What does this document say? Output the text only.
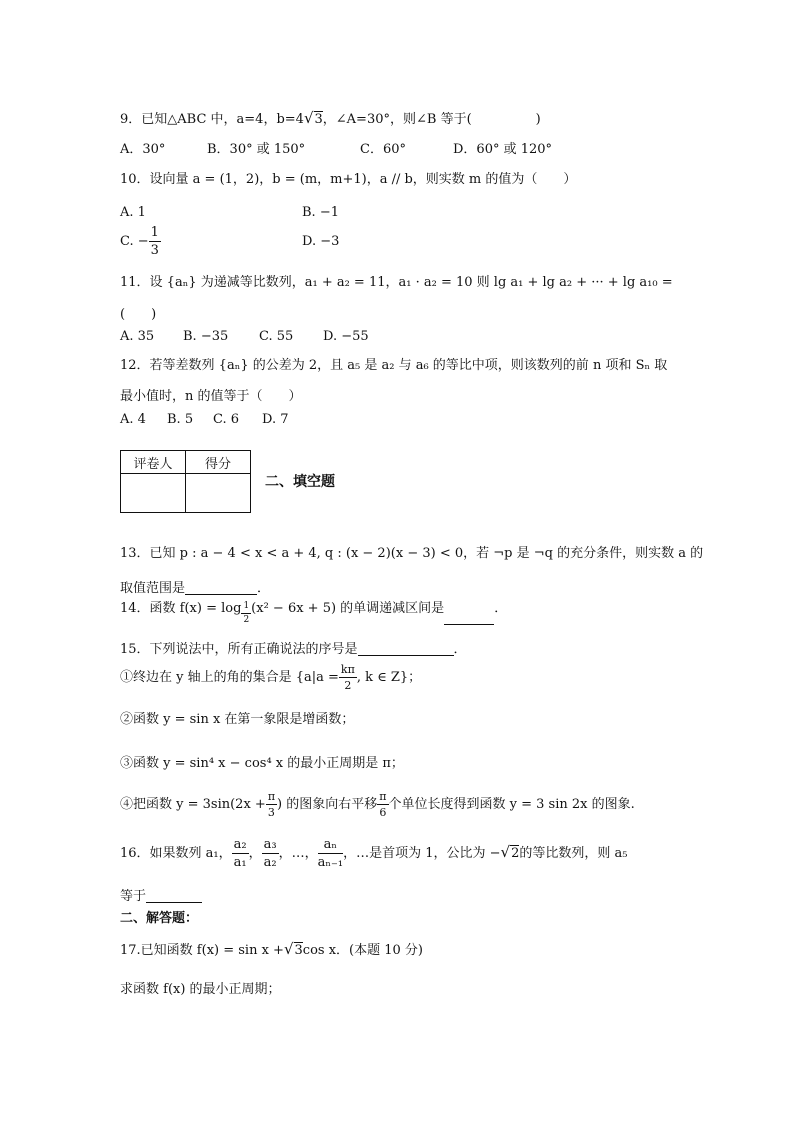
9．已知△ABC 中，a=4，b=4√3，∠A=30°，则∠B 等于(	)
A．30°	B．30° 或 150°	C．60°	D．60° 或 120°
10．设向量 a = (1，2)，b = (m，m+1)，a // b，则实数 m 的值为（　　）
A. 1	B. −1
C. − $\frac{1}{3}$	D. −3
11．设 {aₙ} 为递减等比数列，a₁ + a₂ = 11，a₁ · a₂ = 10 则 lg a₁ + lg a₂ + ··· + lg a₁₀ =
(　　)
A. 35 B. −35 C. 55 D. −55
12．若等差数列 {aₙ} 的公差为 2，且 a₅ 是 a₂ 与 a₆ 的等比中项，则该数列的前 n 项和 Sₙ 取
最小值时，n 的值等于（　　）
A. 4 B. 5 C. 6 D. 7
评卷人	得分

二、填空题
13．已知 p : a − 4 < x < a + 4, q : (x − 2)(x − 3) < 0，若 ¬p 是 ¬q 的充分条件，则实数 a 的
取值范围是	．
14．函数 $f(x) = \log \frac{1}{2} (x^2 - 6x + 5)$ 的单调递减区间是	．
15．下列说法中，所有正确说法的序号是	．
①终边在 y 轴上的角的集合是 {$a|a = \frac{k\pi}{2}$ , k ∈ Z}；
②函数 y = sin x 在第一象限是增函数；
③函数 y = sin⁴ x − cos⁴ x 的最小正周期是 π；
④把函数 $y = 3\sin(2x + \frac{\pi}{3}$ ) 的图象向右平移 $\frac{\pi}{6}$ 个单位长度得到函数 y = 3 sin 2x 的图象.
16．如果数列 a₁， $\frac{\text{a₂}}{\text{a₁}}$ ， $\frac{\text{a₃}}{\text{a₂}}$ ，…， $\frac{\text{aₙ}}{\text{aₙ₋₁}}$ ，…是首项为 1，公比为 −√2的等比数列，则 a₅
等于
二、解答题：
17.已知函数 f(x) = sin x +√3cos x．(本题 10 分)
求函数 f(x) 的最小正周期；
